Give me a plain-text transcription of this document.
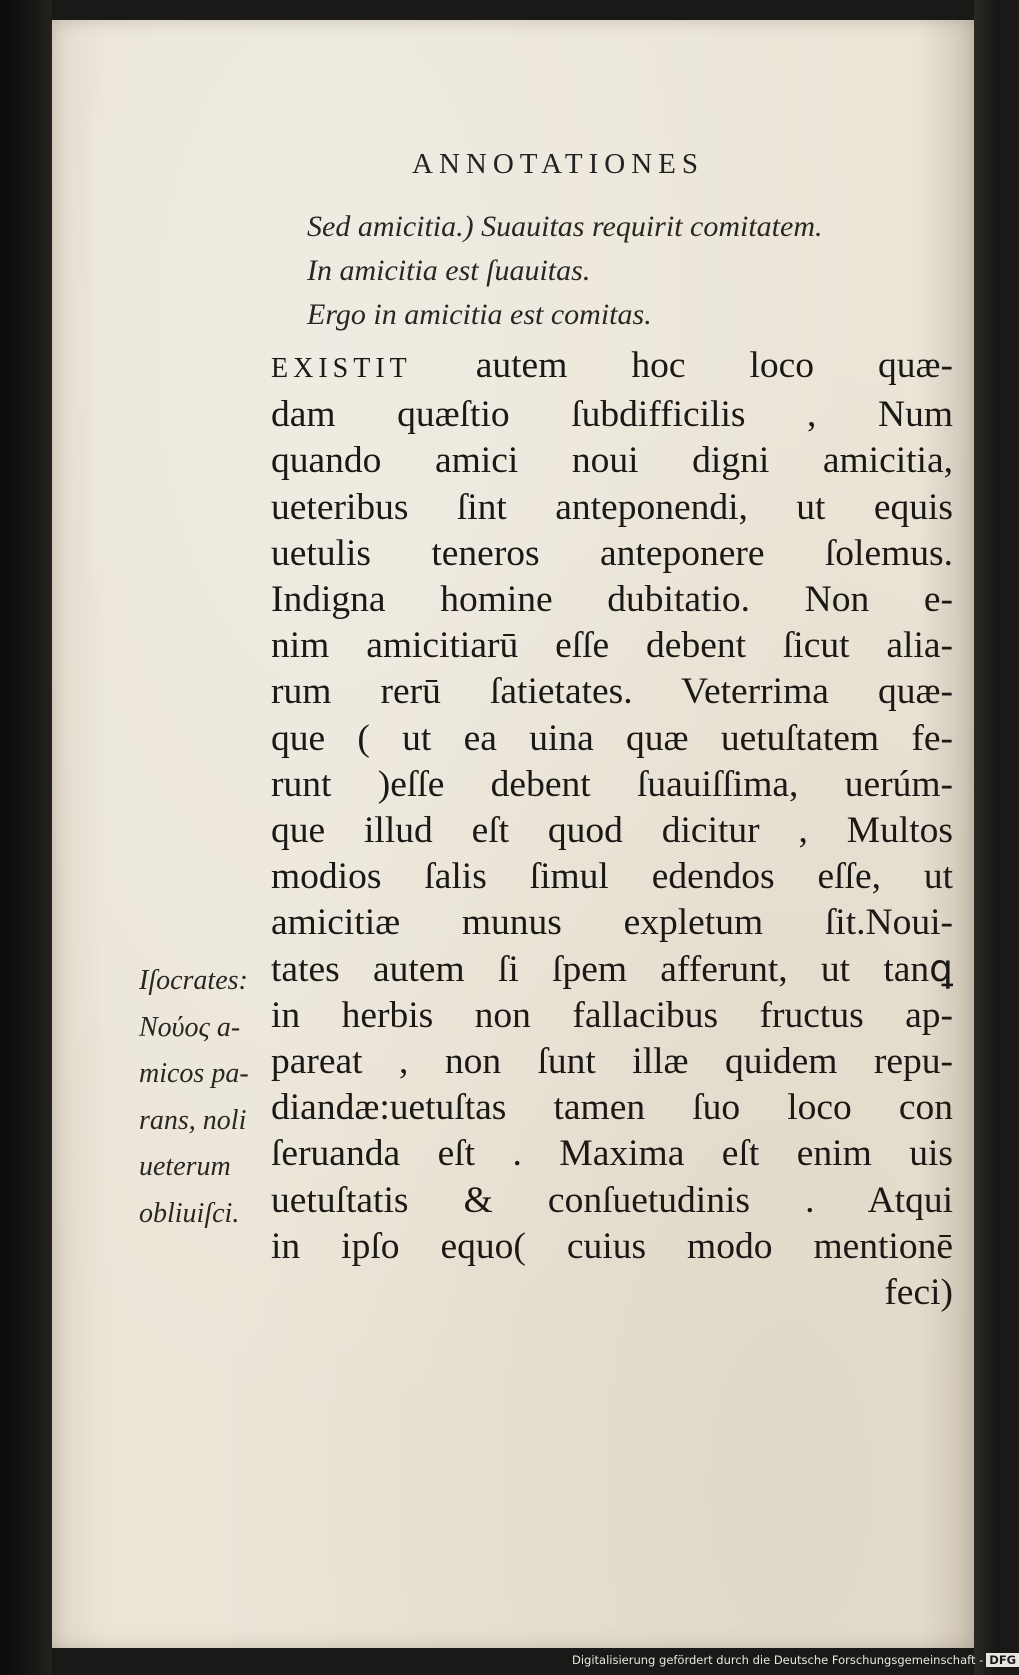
ANNOTATIONES
Sed amicitia.) Suauitas requirit comitatem.
In amicitia est ſuauitas.
Ergo in amicitia est comitas.
EXISTIT autem hoc loco quæ-
dam quæſtio ſubdifficilis , Num
quando amici noui digni amicitia,
ueteribus ſint anteponendi, ut equis
uetulis teneros anteponere ſolemus.
Indigna homine dubitatio. Non e-
nim amicitiarū eſſe debent ſicut alia-
rum rerū ſatietates. Veterrima quæ-
que ( ut ea uina quæ uetuſtatem fe-
runt )eſſe debent ſuauiſſima, uerúm-
que illud eſt quod dicitur , Multos
modios ſalis ſimul edendos eſſe, ut
amicitiæ munus expletum ſit.Noui-
tates autem ſi ſpem afferunt, ut tanꝗ
in herbis non fallacibus fructus ap-
pareat , non ſunt illæ quidem repu-
diandæ:uetuſtas tamen ſuo loco con
ſeruanda eſt . Maxima eſt enim uis
uetuſtatis & conſuetudinis . Atqui
in ipſo equo( cuius modo mentionē
feci)
Iſocrates:
Νούος a-
micos pa-
rans, noli
ueterum
obliuiſci.
Digitalisierung gefördert durch die Deutsche Forschungsgemeinschaft - DFG
